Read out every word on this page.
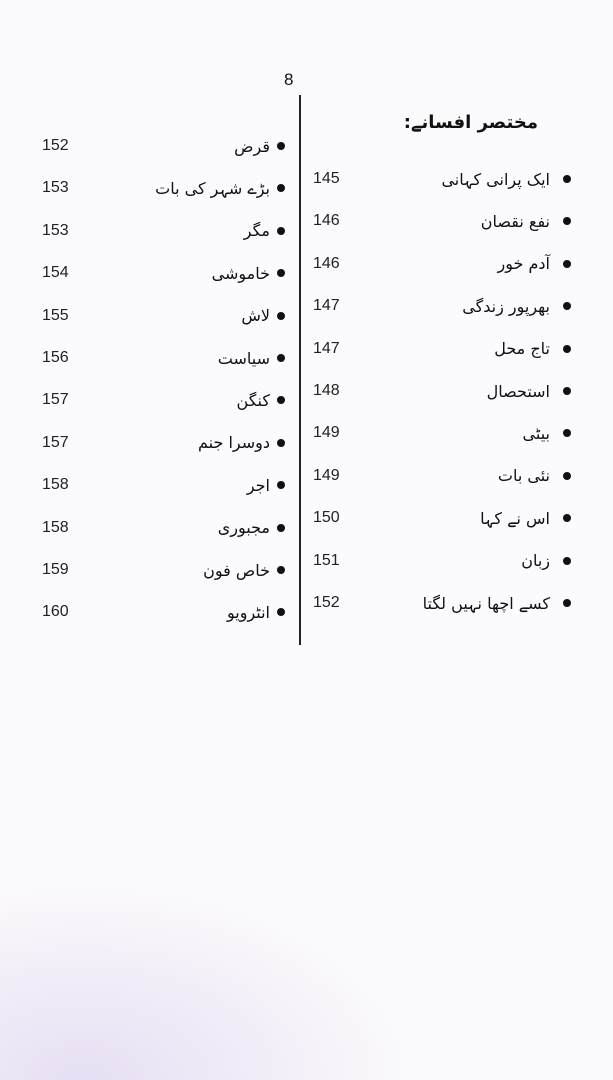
8
مختصر افسانے:
145	ایک پرانی کہانی
146	نفع نقصان
146	آدم خور
147	بھرپور زندگی
147	تاج محل
148	استحصال
149	بیٹی
149	نئی بات
150	اس نے کہا
151	زبان
152	کسے اچھا نہیں لگتا
152	قرض
153	بڑے شہر کی بات
153	مگر
154	خاموشی
155	لاش
156	سیاست
157	کنگن
157	دوسرا جنم
158	اجر
158	مجبوری
159	خاص فون
160	انٹرویو
